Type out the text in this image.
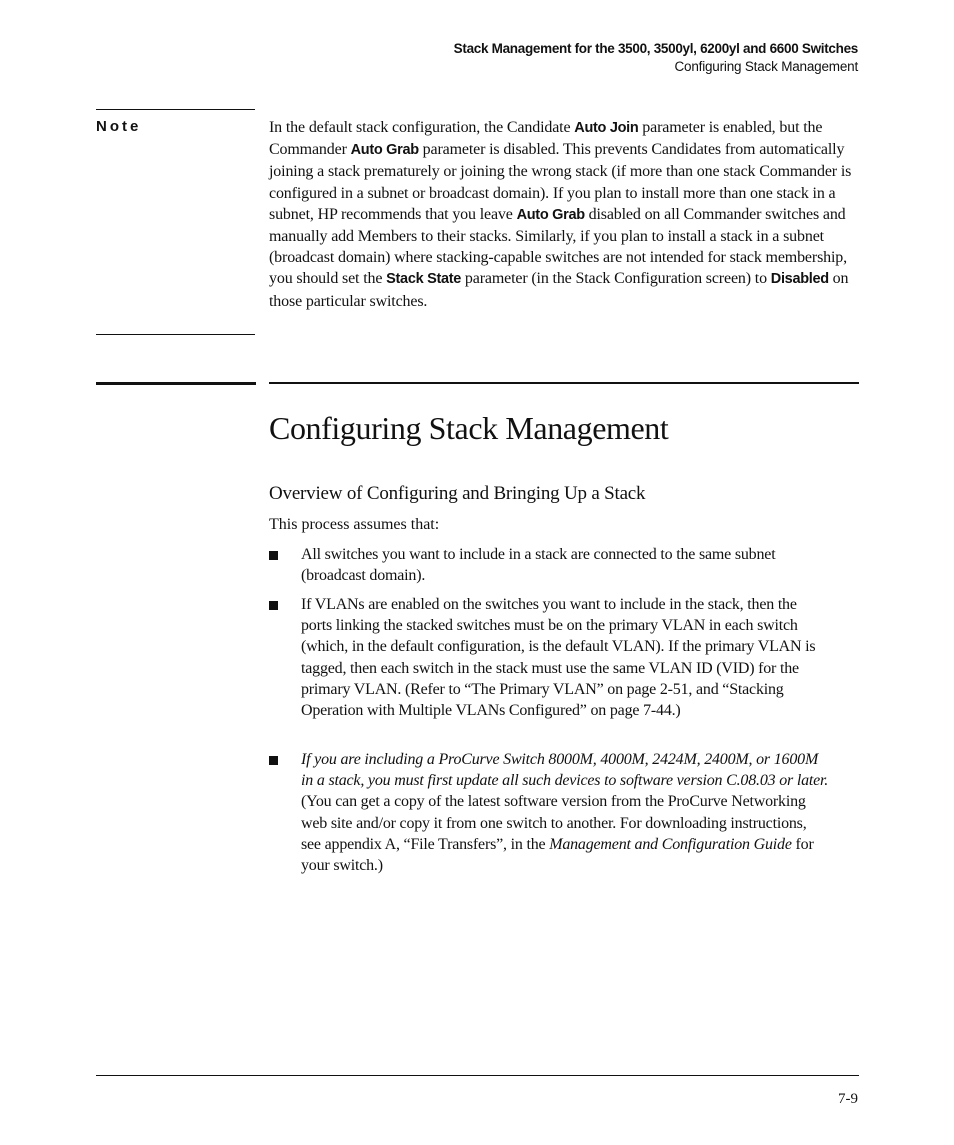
Stack Management for the 3500, 3500yl, 6200yl and 6600 Switches
Configuring Stack Management
Note	In the default stack configuration, the Candidate Auto Join parameter is enabled, but the Commander Auto Grab parameter is disabled. This prevents Candidates from automatically joining a stack prematurely or joining the wrong stack (if more than one stack Commander is configured in a subnet or broadcast domain). If you plan to install more than one stack in a subnet, HP recommends that you leave Auto Grab disabled on all Commander switches and manually add Members to their stacks. Similarly, if you plan to install a stack in a subnet (broadcast domain) where stacking-capable switches are not intended for stack membership, you should set the Stack State parameter (in the Stack Configuration screen) to Disabled on those particular switches.
Configuring Stack Management
Overview of Configuring and Bringing Up a Stack
This process assumes that:
All switches you want to include in a stack are connected to the same subnet (broadcast domain).
If VLANs are enabled on the switches you want to include in the stack, then the ports linking the stacked switches must be on the primary VLAN in each switch (which, in the default configuration, is the default VLAN). If the primary VLAN is tagged, then each switch in the stack must use the same VLAN ID (VID) for the primary VLAN. (Refer to “The Primary VLAN” on page 2-51, and “Stacking Operation with Multiple VLANs Configured” on page 7-44.)
If you are including a ProCurve Switch 8000M, 4000M, 2424M, 2400M, or 1600M in a stack, you must first update all such devices to software version C.08.03 or later. (You can get a copy of the latest software version from the ProCurve Networking web site and/or copy it from one switch to another. For downloading instructions, see appendix A, “File Transfers”, in the Management and Configuration Guide for your switch.)
7-9
